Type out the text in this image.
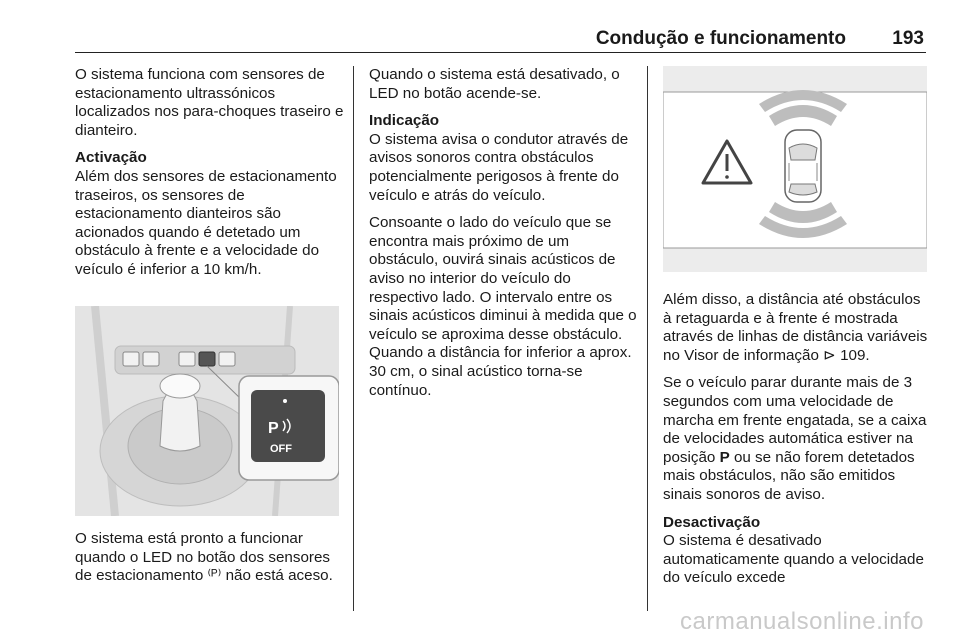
Condução e funcionamento 193

O sistema funciona com sensores de estacionamento ultrassónicos localizados nos para-choques traseiro e dianteiro.

Activação
Além dos sensores de estacionamento traseiros, os sensores de estacionamento dianteiros são acionados quando é detetado um obstáculo à frente e a velocidade do veículo é inferior a 10 km/h.

P
OFF

O sistema está pronto a funcionar quando o LED no botão dos sensores de estacionamento ⁽ᴾ⁾ não está aceso.

Quando o sistema está desativado, o LED no botão acende-se.

Indicação
O sistema avisa o condutor através de avisos sonoros contra obstáculos potencialmente perigosos à frente do veículo e atrás do veículo.

Consoante o lado do veículo que se encontra mais próximo de um obstáculo, ouvirá sinais acústicos de aviso no interior do veículo do respectivo lado. O intervalo entre os sinais acústicos diminui à medida que o veículo se aproxima desse obstáculo. Quando a distância for inferior a aprox. 30 cm, o sinal acústico torna-se contínuo.

Além disso, a distância até obstáculos à retaguarda e à frente é mostrada através de linhas de distância variáveis no Visor de informação ⊳ 109.

Se o veículo parar durante mais de 3 segundos com uma velocidade de marcha em frente engatada, se a caixa de velocidades automática estiver na posição P ou se não forem detetados mais obstáculos, não são emitidos sinais sonoros de aviso.

Desactivação
O sistema é desativado automaticamente quando a velocidade do veículo excede

carmanualsonline.info
